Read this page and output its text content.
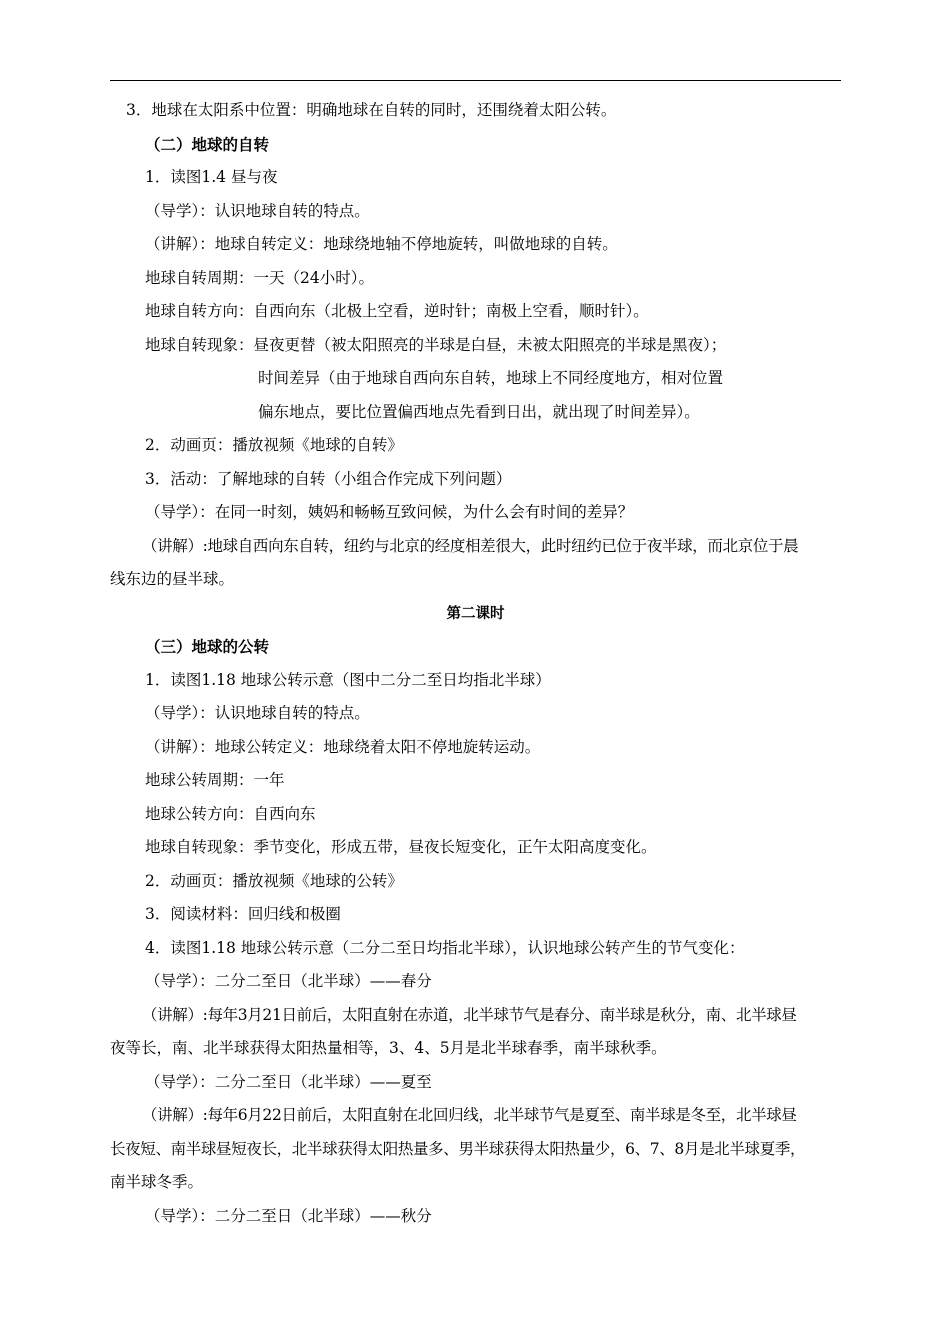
3．地球在太阳系中位置：明确地球在自转的同时，还围绕着太阳公转。
（二）地球的自转
1．读图1.4 昼与夜
（导学）：认识地球自转的特点。
（讲解）：地球自转定义：地球绕地轴不停地旋转，叫做地球的自转。
地球自转周期：一天（24小时）。
地球自转方向：自西向东（北极上空看，逆时针；南极上空看，顺时针）。
地球自转现象：昼夜更替（被太阳照亮的半球是白昼，未被太阳照亮的半球是黑夜）；
时间差异（由于地球自西向东自转，地球上不同经度地方，相对位置
偏东地点，要比位置偏西地点先看到日出，就出现了时间差异）。
2．动画页：播放视频《地球的自转》
3．活动：了解地球的自转（小组合作完成下列问题）
（导学）：在同一时刻，姨妈和畅畅互致问候，为什么会有时间的差异？
（讲解）:地球自西向东自转，纽约与北京的经度相差很大，此时纽约已位于夜半球，而北京位于晨
线东边的昼半球。
第二课时
（三）地球的公转
1．读图1.18 地球公转示意（图中二分二至日均指北半球）
（导学）：认识地球自转的特点。
（讲解）：地球公转定义：地球绕着太阳不停地旋转运动。
地球公转周期：一年
地球公转方向：自西向东
地球自转现象：季节变化，形成五带，昼夜长短变化，正午太阳高度变化。
2．动画页：播放视频《地球的公转》
3．阅读材料：回归线和极圈
4．读图1.18 地球公转示意（二分二至日均指北半球），认识地球公转产生的节气变化：
（导学）：二分二至日（北半球）——春分
（讲解）:每年3月21日前后，太阳直射在赤道，北半球节气是春分、南半球是秋分，南、北半球昼
夜等长，南、北半球获得太阳热量相等，3、4、5月是北半球春季，南半球秋季。
（导学）：二分二至日（北半球）——夏至
（讲解）:每年6月22日前后，太阳直射在北回归线，北半球节气是夏至、南半球是冬至，北半球昼
长夜短、南半球昼短夜长，北半球获得太阳热量多、男半球获得太阳热量少，6、7、8月是北半球夏季，
南半球冬季。
（导学）：二分二至日（北半球）——秋分
